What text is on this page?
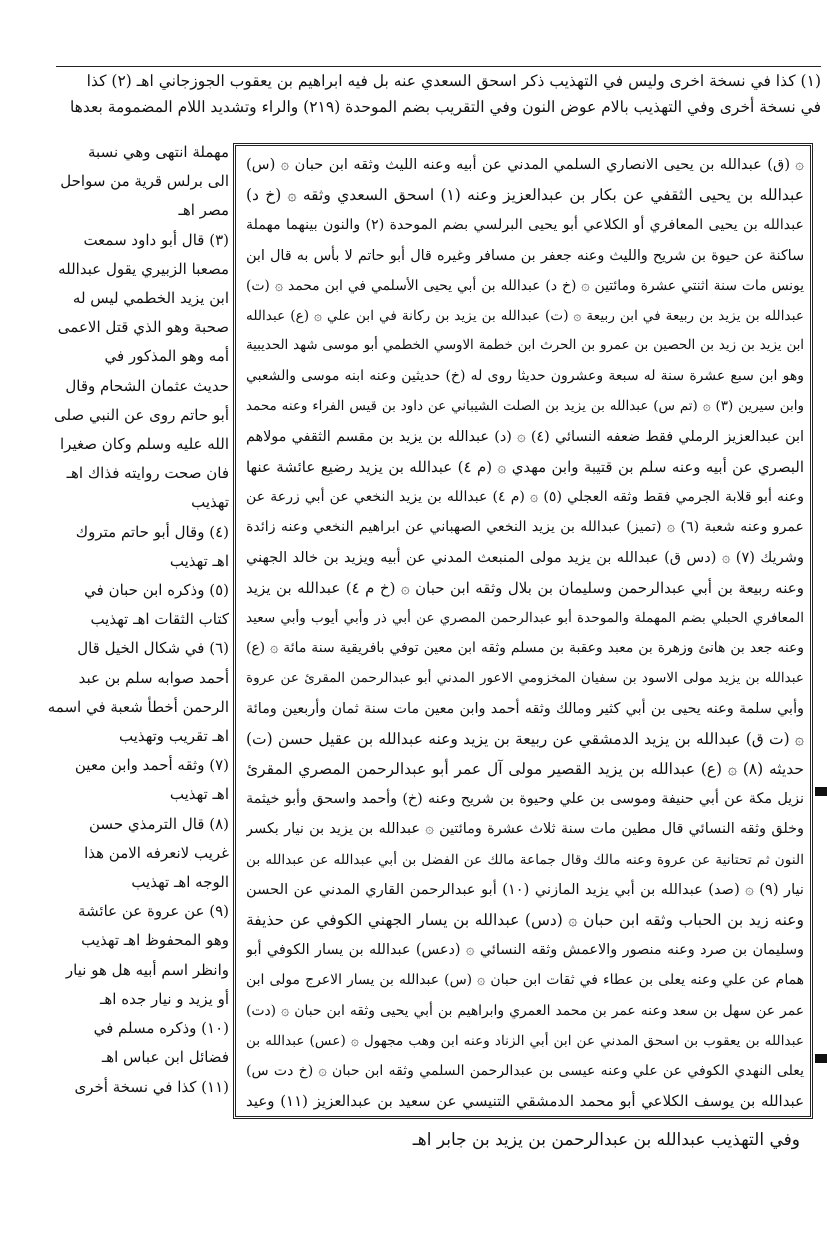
(١) كذا في نسخة اخرى وليس في التهذيب ذكر اسحق السعدي عنه بل فيه ابراهيم بن يعقوب الجوزجاني اهـ (٢) كذا
في نسخة أخرى وفي التهذيب بالام عوض النون وفي التقريب بضم الموحدة (٢١٩) والراء وتشديد اللام المضمومة بعدها
۞ (ق) عبدالله بن يحيى الانصاري السلمي المدني عن أبيه وعنه الليث وثقه ابن حبان ۞ (س)
عبدالله بن يحيى الثقفي عن بكار بن عبدالعزيز وعنه (١) اسحق السعدي وثقه ۞ (خ د)
عبدالله بن يحيى المعافري أو الكلاعي أبو يحيى البرلسي بضم الموحدة (٢) والنون بينهما مهملة
ساكنة عن حيوة بن شريح والليث وعنه جعفر بن مسافر وغيره قال أبو حاتم لا بأس به قال ابن
يونس مات سنة اثنتي عشرة ومائتين ۞ (خ د) عبدالله بن أبي يحيى الأسلمي في ابن محمد ۞ (ت)
عبدالله بن يزيد بن ربيعة في ابن ربيعة ۞ (ت) عبدالله بن يزيد بن ركانة في ابن علي ۞ (ع) عبدالله
ابن يزيد بن زيد بن الحصين بن عمرو بن الحرث ابن خطمة الاوسي الخطمي أبو موسى شهد الحديبية
وهو ابن سبع عشرة سنة له سبعة وعشرون حديثا روى له (خ) حديثين وعنه ابنه موسى والشعبي
وابن سيرين (٣) ۞ (تم س) عبدالله بن يزيد بن الصلت الشيباني عن داود بن قيس الفراء وعنه محمد
ابن عبدالعزيز الرملي فقط ضعفه النسائي (٤) ۞ (د) عبدالله بن يزيد بن مقسم الثقفي مولاهم
البصري عن أبيه وعنه سلم بن قتيبة وابن مهدي ۞ (م ٤) عبدالله بن يزيد رضيع عائشة عنها
وعنه أبو قلابة الجرمي فقط وثقه العجلي (٥) ۞ (م ٤) عبدالله بن يزيد النخعي عن أبي زرعة عن
عمرو وعنه شعبة (٦) ۞ (تميز) عبدالله بن يزيد النخعي الصهباني عن ابراهيم النخعي وعنه زائدة
وشريك (٧) ۞ (دس ق) عبدالله بن يزيد مولى المنبعث المدني عن أبيه ويزيد بن خالد الجهني
وعنه ربيعة بن أبي عبدالرحمن وسليمان بن بلال وثقه ابن حبان ۞ (خ م ٤) عبدالله بن يزيد
المعافري الحبلي بضم المهملة والموحدة أبو عبدالرحمن المصري عن أبي ذر وأبي أيوب وأبي سعيد
وعنه جعد بن هانئ وزهرة بن معبد وعقبة بن مسلم وثقه ابن معين توفي بافريقية سنة مائة ۞ (ع)
عبدالله بن يزيد مولى الاسود بن سفيان المخزومي الاعور المدني أبو عبدالرحمن المقرئ عن عروة
وأبي سلمة وعنه يحيى بن أبي كثير ومالك وثقه أحمد وابن معين مات سنة ثمان وأربعين ومائة
۞ (ت ق) عبدالله بن يزيد الدمشقي عن ربيعة بن يزيد وعنه عبدالله بن عقيل حسن (ت)
حديثه (٨) ۞ (ع) عبدالله بن يزيد القصير مولى آل عمر أبو عبدالرحمن المصري المقرئ
نزيل مكة عن أبي حنيفة وموسى بن علي وحيوة بن شريح وعنه (خ) وأحمد واسحق وأبو خيثمة
وخلق وثقه النسائي قال مطين مات سنة ثلاث عشرة ومائتين ۞ عبدالله بن يزيد بن نيار بكسر
النون ثم تحتانية عن عروة وعنه مالك وقال جماعة مالك عن الفضل بن أبي عبدالله عن عبدالله بن
نيار (٩) ۞ (صد) عبدالله بن أبي يزيد المازني (١٠) أبو عبدالرحمن القاري المدني عن الحسن
وعنه زيد بن الحباب وثقه ابن حبان ۞ (دس) عبدالله بن يسار الجهني الكوفي عن حذيفة
وسليمان بن صرد وعنه منصور والاعمش وثقه النسائي ۞ (دعس) عبدالله بن يسار الكوفي أبو
همام عن علي وعنه يعلى بن عطاء في ثقات ابن حبان ۞ (س) عبدالله بن يسار الاعرج مولى ابن
عمر عن سهل بن سعد وعنه عمر بن محمد العمري وابراهيم بن أبي يحيى وثقه ابن حبان ۞ (دت)
عبدالله بن يعقوب بن اسحق المدني عن ابن أبي الزناد وعنه ابن وهب مجهول ۞ (عس) عبدالله بن
يعلى النهدي الكوفي عن علي وعنه عيسى بن عبدالرحمن السلمي وثقه ابن حبان ۞ (خ دت س)
عبدالله بن يوسف الكلاعي أبو محمد الدمشقي التنيسي عن سعيد بن عبدالعزيز (١١) وعيد
مهملة انتهى وهي نسبة
الى برلس قرية من سواحل
مصر اهـ
(٣) قال أبو داود سمعت
مصعبا الزبيري يقول عبدالله
ابن يزيد الخطمي ليس له
صحبة وهو الذي قتل الاعمى
أمه وهو المذكور في
حديث عثمان الشحام وقال
أبو حاتم روى عن النبي صلى
الله عليه وسلم وكان صغيرا
فان صحت روايته فذاك اهـ
تهذيب
(٤) وقال أبو حاتم متروك
اهـ تهذيب
(٥) وذكره ابن حبان في
كتاب الثقات اهـ تهذيب
(٦) في شكال الخيل قال
أحمد صوابه سلم بن عبد
الرحمن أخطأ شعبة في اسمه
اهـ تقريب وتهذيب
(٧) وثقه أحمد وابن معين
اهـ تهذيب
(٨) قال الترمذي حسن
غريب لانعرفه الامن هذا
الوجه اهـ تهذيب
(٩) عن عروة عن عائشة
وهو المحفوظ اهـ تهذيب
وانظر اسم أبيه هل هو نيار
أو يزيد و نيار جده اهـ
(١٠) وذكره مسلم في
فضائل ابن عباس اهـ
(١١) كذا في نسخة أخرى
وفي التهذيب عبدالله بن عبدالرحمن بن يزيد بن جابر اهـ
